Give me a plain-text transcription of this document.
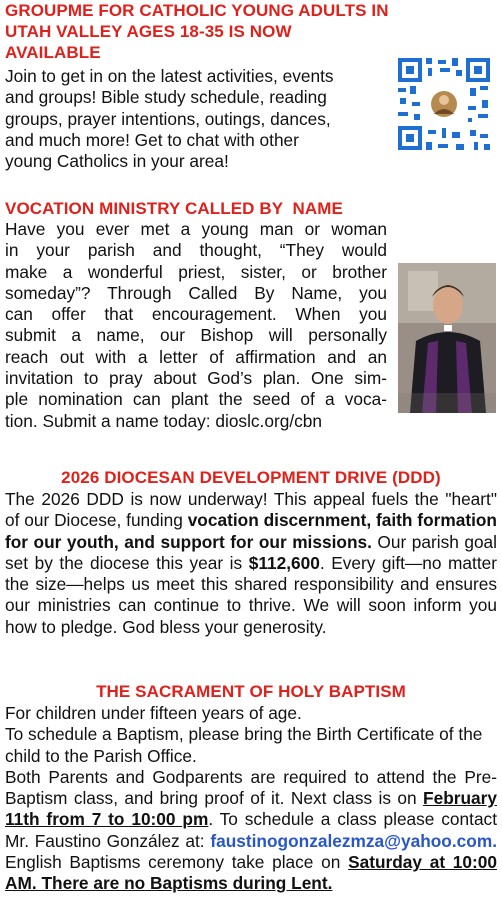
GROUPME FOR CATHOLIC YOUNG ADULTS IN
UTAH VALLEY AGES 18-35 IS NOW
AVAILABLE
Join to get in on the latest activities, events
and groups! Bible study schedule, reading
groups, prayer intentions, outings, dances,
and much more! Get to chat with other
young Catholics in your area!
VOCATION MINISTRY CALLED BY  NAME
Have you ever met a young man or woman
in your parish and thought, “They would
make a wonderful priest, sister, or brother
someday”? Through Called By Name, you
can offer that encouragement. When you
submit a name, our Bishop will personally
reach out with a letter of affirmation and an
invitation to pray about God’s plan. One sim-
ple nomination can plant the seed of a voca-
tion. Submit a name today: dioslc.org/cbn
2026 DIOCESAN DEVELOPMENT DRIVE (DDD)
The 2026 DDD is now underway! This appeal fuels the "heart" of our Diocese, funding vocation discernment, faith formation for our youth, and support for our missions. Our parish goal set by the diocese this year is $112,600. Every gift—no matter the size—helps us meet this shared responsibility and ensures our ministries can continue to thrive. We will soon inform you how to pledge. God bless your generosity.
THE SACRAMENT OF HOLY BAPTISM
For children under fifteen years of age.
To schedule a Baptism, please bring the Birth Certificate of the child to the Parish Office.
Both Parents and Godparents are required to attend the Pre-Baptism class, and bring proof of it. Next class is on February 11th from 7 to 10:00 pm. To schedule a class please contact Mr. Faustino González at: faustinogonzalezmza@yahoo.com. English Baptisms ceremony take place on Saturday at 10:00 AM. There are no Baptisms during Lent.
